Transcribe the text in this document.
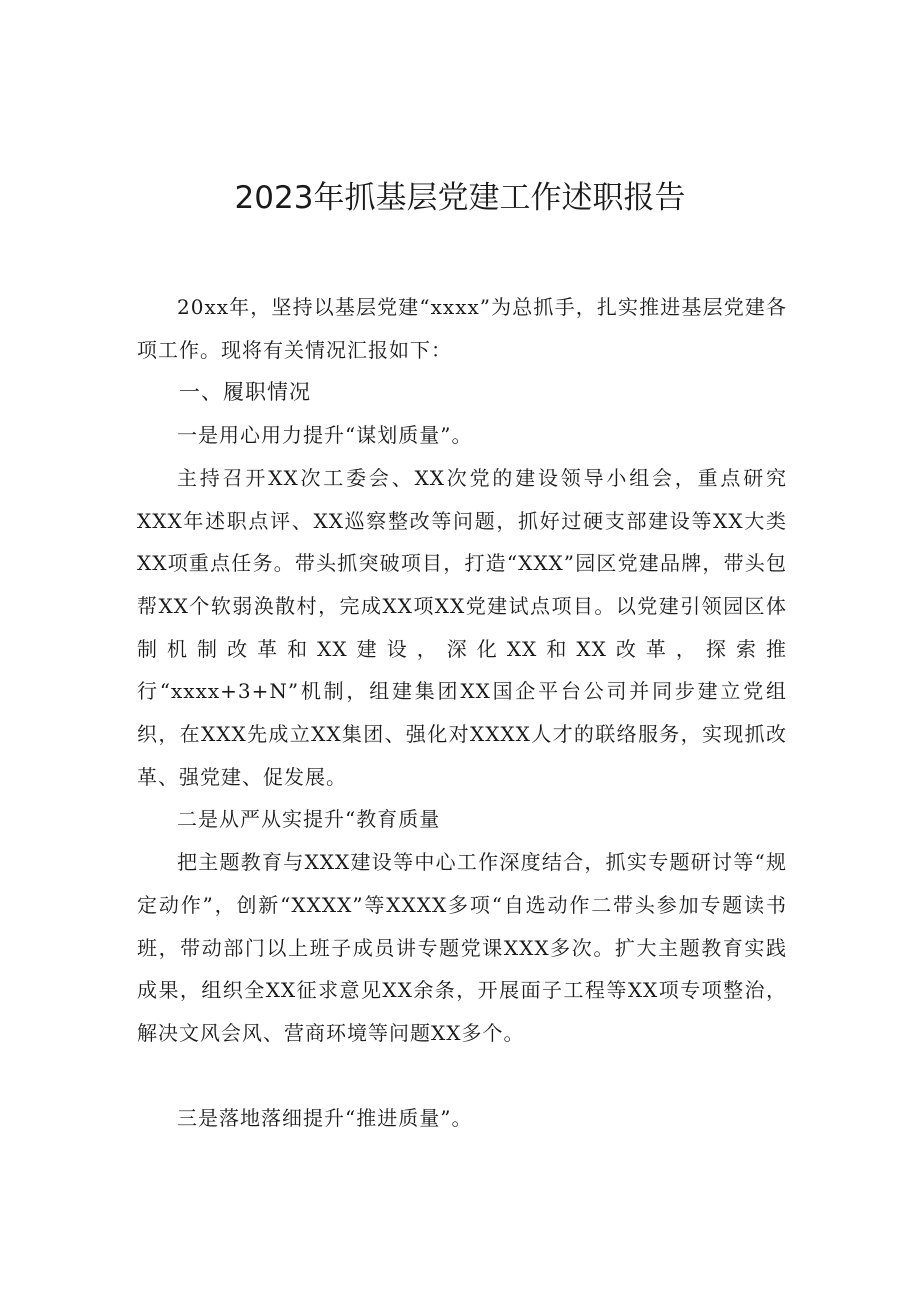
2023年抓基层党建工作述职报告

20xx年，坚持以基层党建“xxxx”为总抓手，扎实推进基层党建各项工作。现将有关情况汇报如下：

一、履职情况

一是用心用力提升“谋划质量”。

主持召开XX次工委会、XX次党的建设领导小组会，重点研究XXX年述职点评、XX巡察整改等问题，抓好过硬支部建设等XX大类XX项重点任务。带头抓突破项目，打造“XXX”园区党建品牌，带头包帮XX个软弱涣散村，完成XX项XX党建试点项目。以党建引领园区体制机制改革和XX建设，深化XX和XX改革，探索推行“xxxx+3+N”机制，组建集团XX国企平台公司并同步建立党组织，在XXX先成立XX集团、强化对XXXX人才的联络服务，实现抓改革、强党建、促发展。

二是从严从实提升“教育质量

把主题教育与XXX建设等中心工作深度结合，抓实专题研讨等“规定动作”，创新“XXXX”等XXXX多项“自选动作二带头参加专题读书班，带动部门以上班子成员讲专题党课XXX多次。扩大主题教育实践成果，组织全XX征求意见XX余条，开展面子工程等XX项专项整治，解决文风会风、营商环境等问题XX多个。

三是落地落细提升“推进质量”。
